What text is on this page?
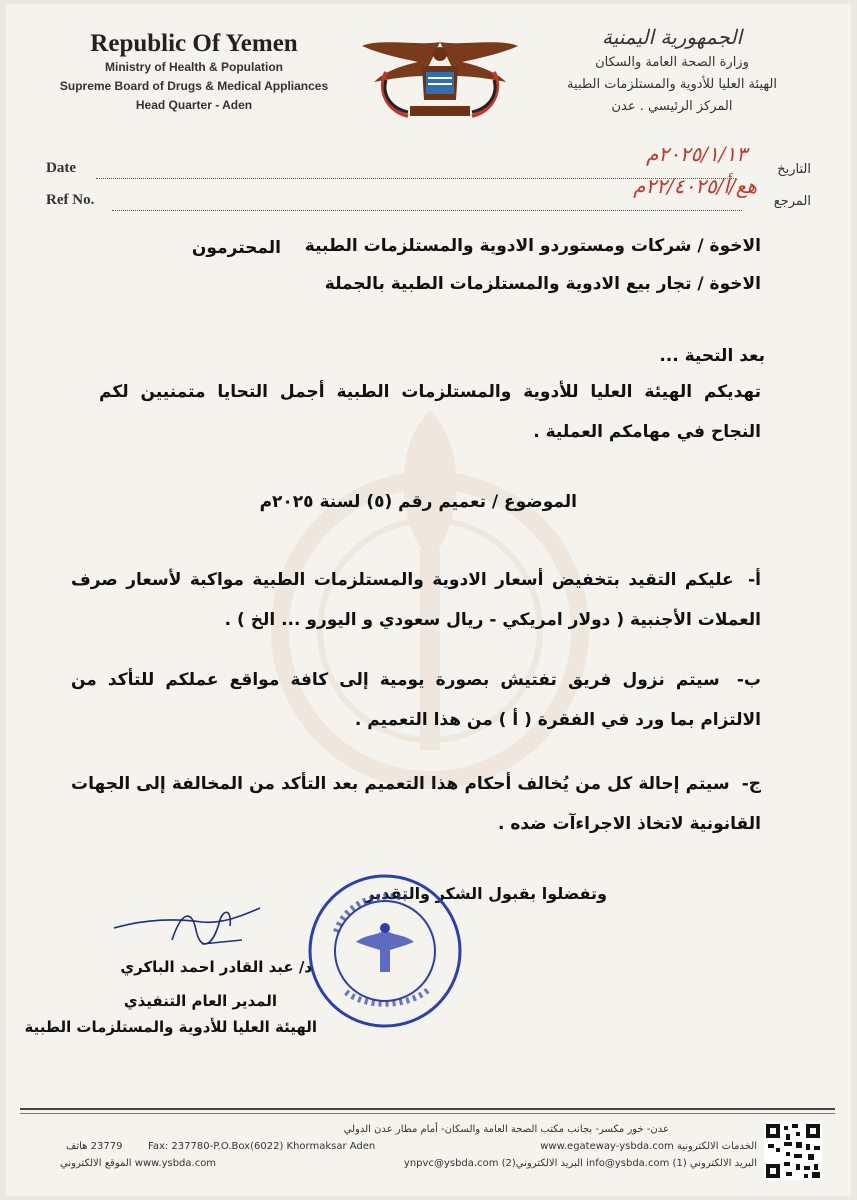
Republic Of Yemen
Ministry of Health & Population
Supreme Board of Drugs & Medical Appliances
Head Quarter - Aden
الجمهورية اليمنية
وزارة الصحة العامة والسكان
الهيئة العليا للأدوية والمستلزمات الطبية
المركز الرئيسي . عدن
Date
Ref No.
التاريخ
المرجع
٢٠٢٥/١/١٣م
ه‍ع/أ/٢٢/٤٠٢٥م
الاخوة / شركات ومستوردو الادوية والمستلزمات الطبية
الاخوة / تجار بيع الادوية والمستلزمات الطبية بالجملة
المحترمون
بعد التحية ...
تهديكم الهيئة العليا للأدوية والمستلزمات الطبية أجمل التحايا متمنيين لكم النجاح في مهامكم العملية .
الموضوع / تعميم رقم (٥) لسنة ٢٠٢٥م
أ- عليكم التقيد بتخفيض أسعار الادوية والمستلزمات الطبية مواكبة لأسعار صرف العملات الأجنبية ( دولار امريكي - ريال سعودي و اليورو ... الخ ) .
ب- سيتم نزول فريق تفتيش بصورة يومية إلى كافة مواقع عملكم للتأكد من الالتزام بما ورد في الفقرة ( أ ) من هذا التعميم .
ج- سيتم إحالة كل من يُخالف أحكام هذا التعميم بعد التأكد من المخالفة إلى الجهات القانونية لاتخاذ الاجراءآت ضده .
وتفضلوا بقبول الشكر والتقدير
د/ عبد القادر احمد الباكري
المدير العام التنفيذي
الهيئة العليا للأدوية والمستلزمات الطبية
عدن- خور مكسر- بجانب مكتب الصحة العامة والسكان- أمام مطار عدن الدولي
الخدمات الالكترونية www.egateway-ysbda.com
Fax: 237780-P.O.Box(6022) Khormaksar Aden
23779 هاتف
البريد الالكتروني (1) info@ysbda.com البريد الالكتروني(2) ynpvc@ysbda.com
www.ysbda.com الموقع الالكتروني
